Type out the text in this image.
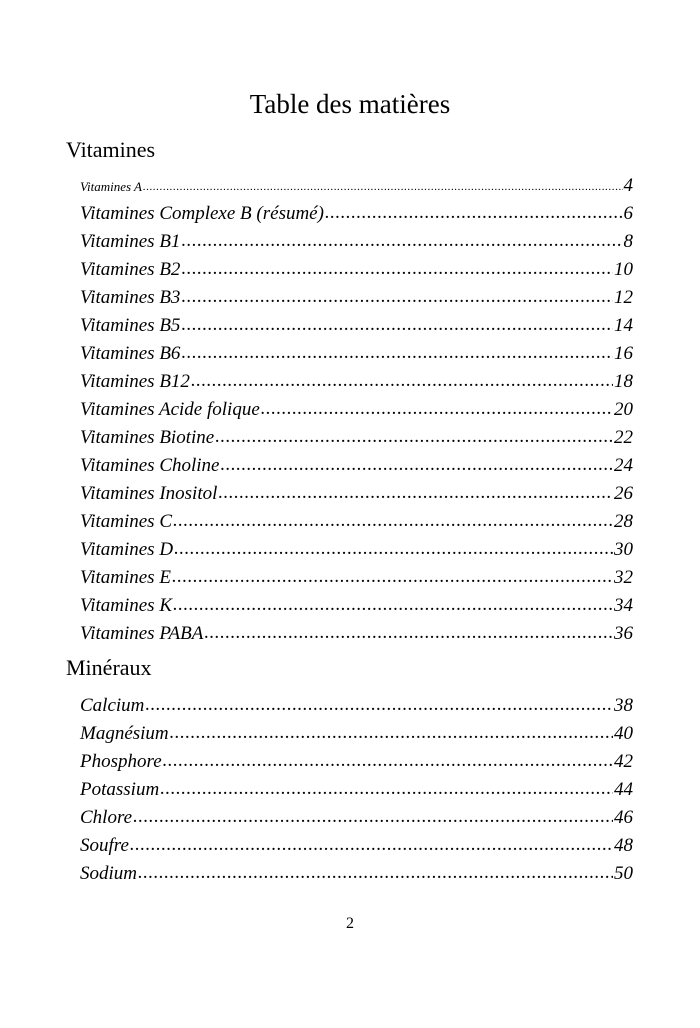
Table des matières
Vitamines
Vitamines A .....	4
Vitamines Complexe B (résumé) .....	6
Vitamines B1 .....	8
Vitamines B2 .....	10
Vitamines B3 .....	12
Vitamines B5 .....	14
Vitamines B6 .....	16
Vitamines B12 .....	18
Vitamines Acide folique .....	20
Vitamines Biotine .....	22
Vitamines Choline .....	24
Vitamines Inositol .....	26
Vitamines C .....	28
Vitamines D .....	30
Vitamines E .....	32
Vitamines K .....	34
Vitamines PABA .....	36
Minéraux
Calcium .....	38
Magnésium .....	40
Phosphore .....	42
Potassium .....	44
Chlore .....	46
Soufre .....	48
Sodium .....	50
2
